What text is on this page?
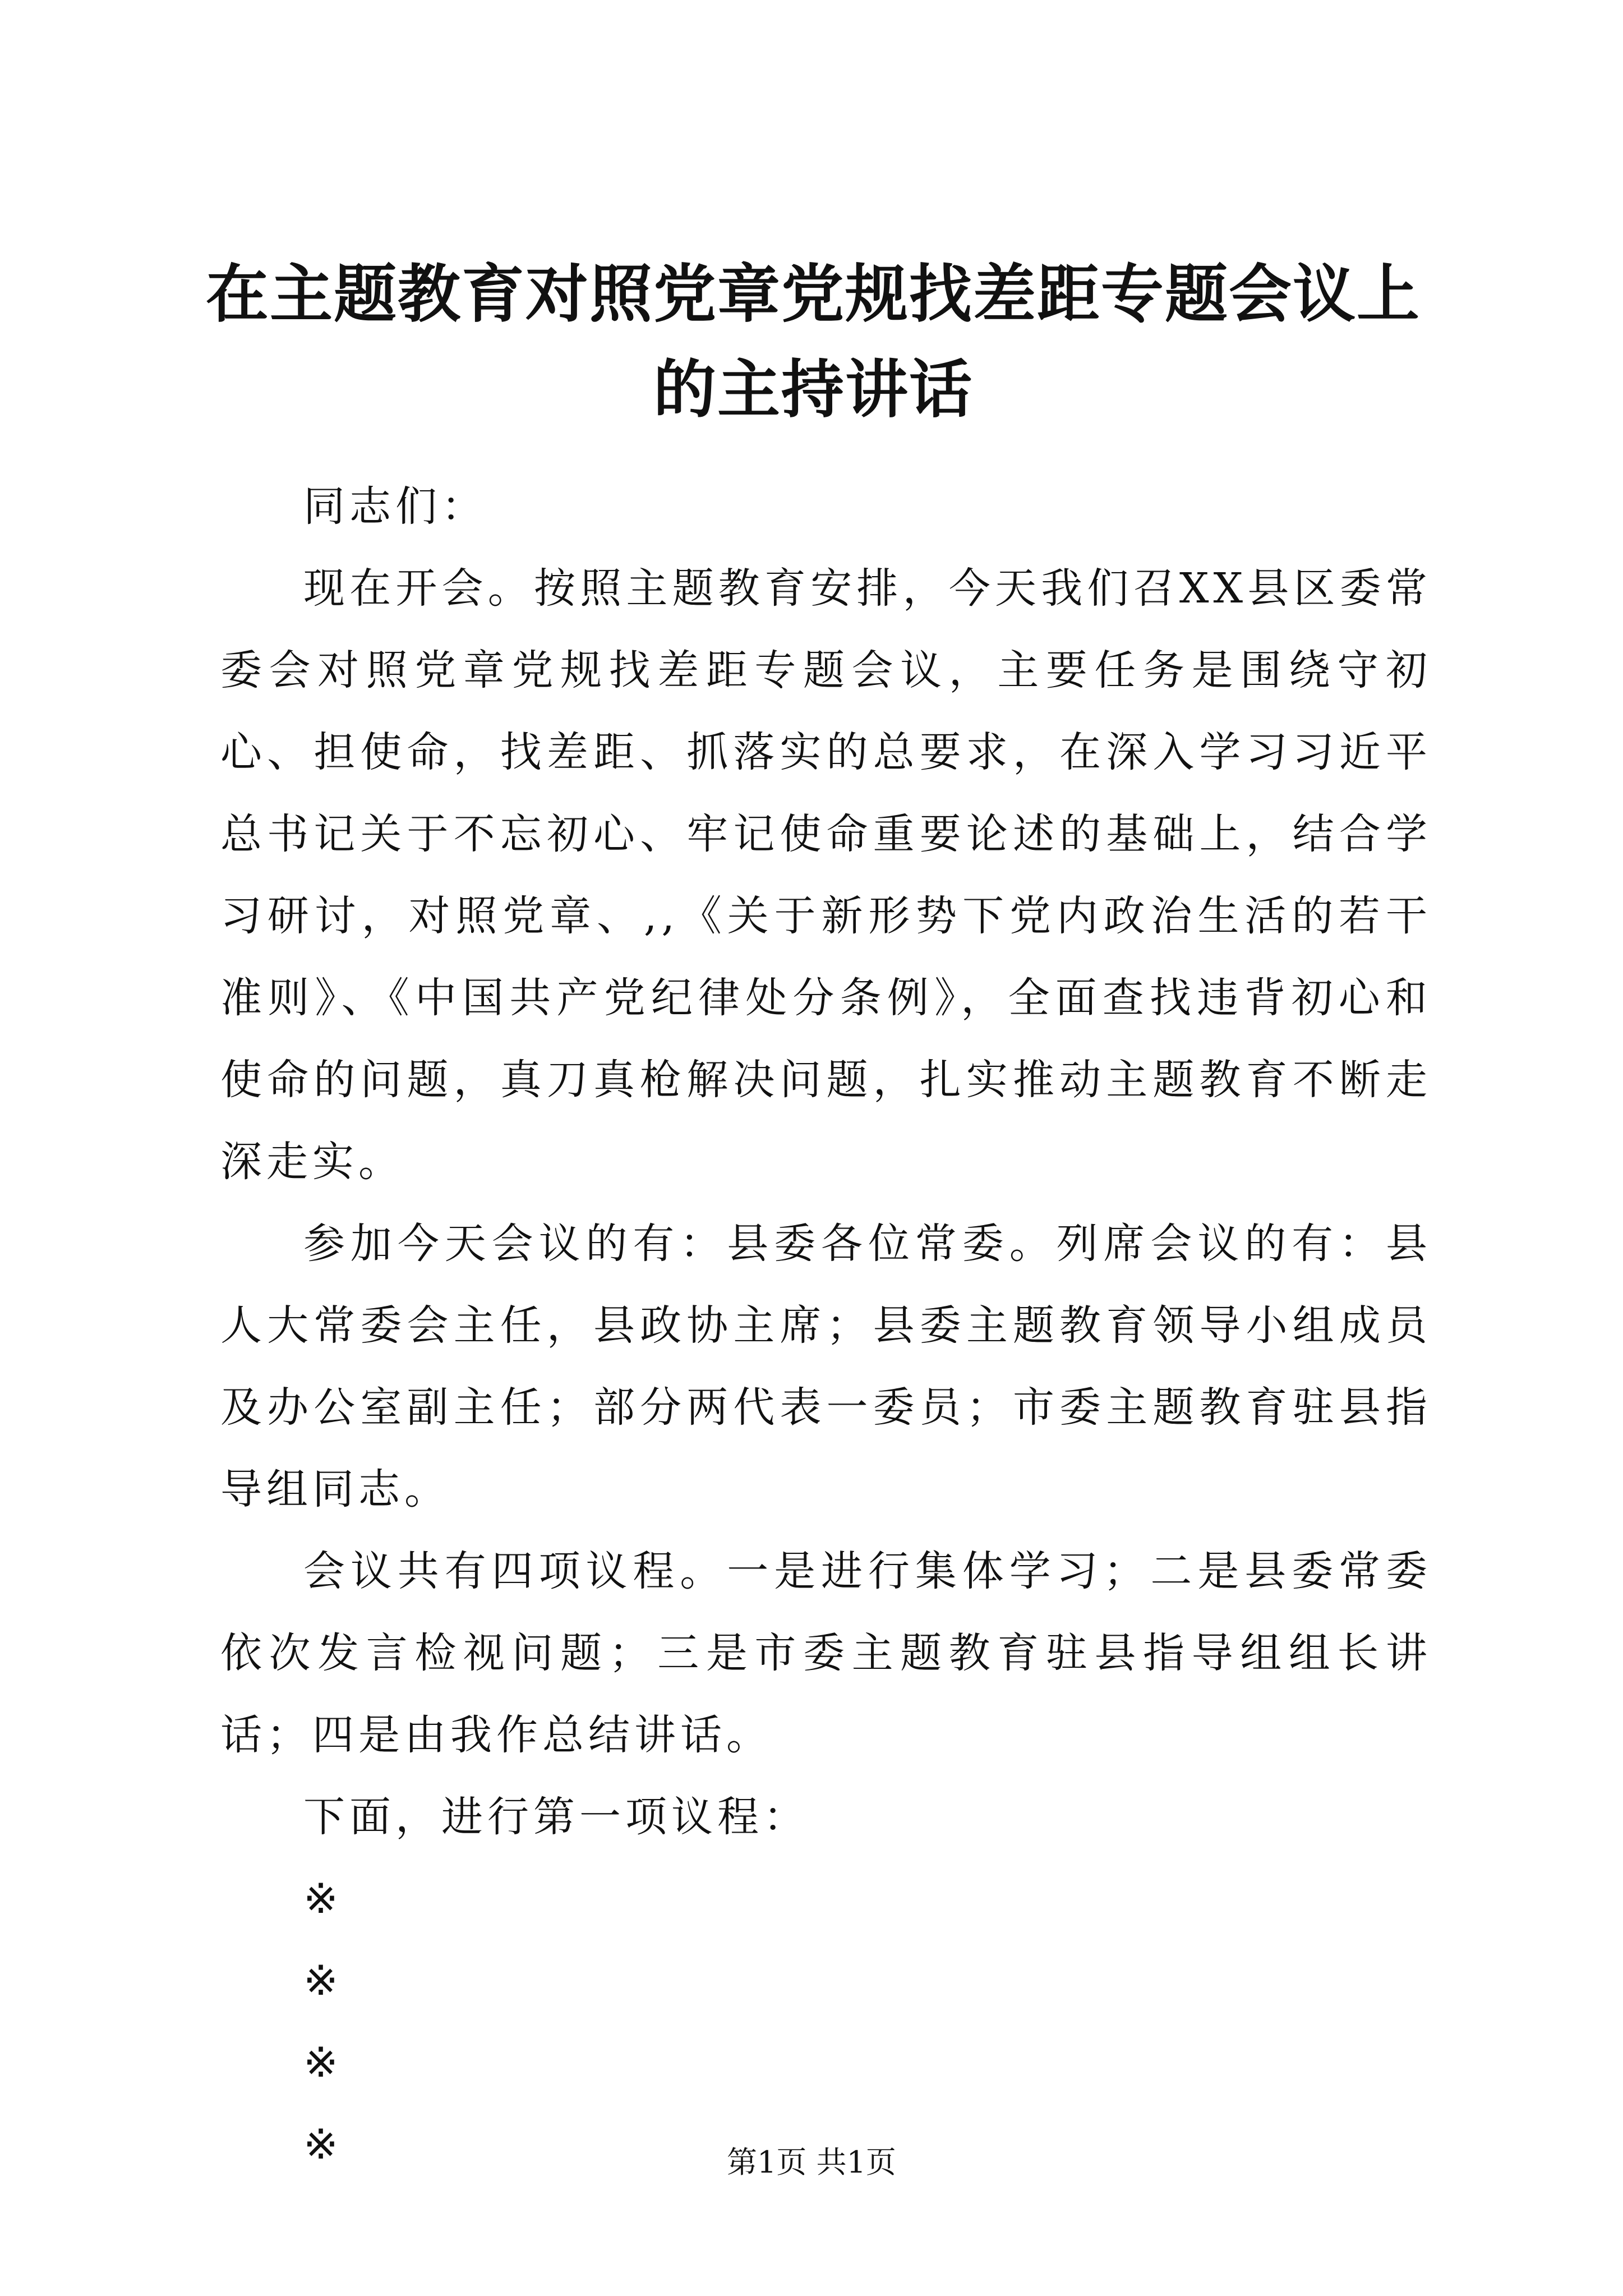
在主题教育对照党章党规找差距专题会议上的主持讲话

同志们：

现在开会。按照主题教育安排，今天我们召XX县区委常委会对照党章党规找差距专题会议，主要任务是围绕守初心、担使命，找差距、抓落实的总要求，在深入学习习近平总书记关于不忘初心、牢记使命重要论述的基础上，结合学习研讨，对照党章、,,《关于新形势下党内政治生活的若干准则》、《中国共产党纪律处分条例》，全面查找违背初心和使命的问题，真刀真枪解决问题，扎实推动主题教育不断走深走实。

参加今天会议的有：县委各位常委。列席会议的有：县人大常委会主任，县政协主席；县委主题教育领导小组成员及办公室副主任；部分两代表一委员；市委主题教育驻县指导组同志。

会议共有四项议程。一是进行集体学习；二是县委常委依次发言检视问题；三是市委主题教育驻县指导组组长讲话；四是由我作总结讲话。

下面，进行第一项议程：

※
※
※
※	第1页 共1页
